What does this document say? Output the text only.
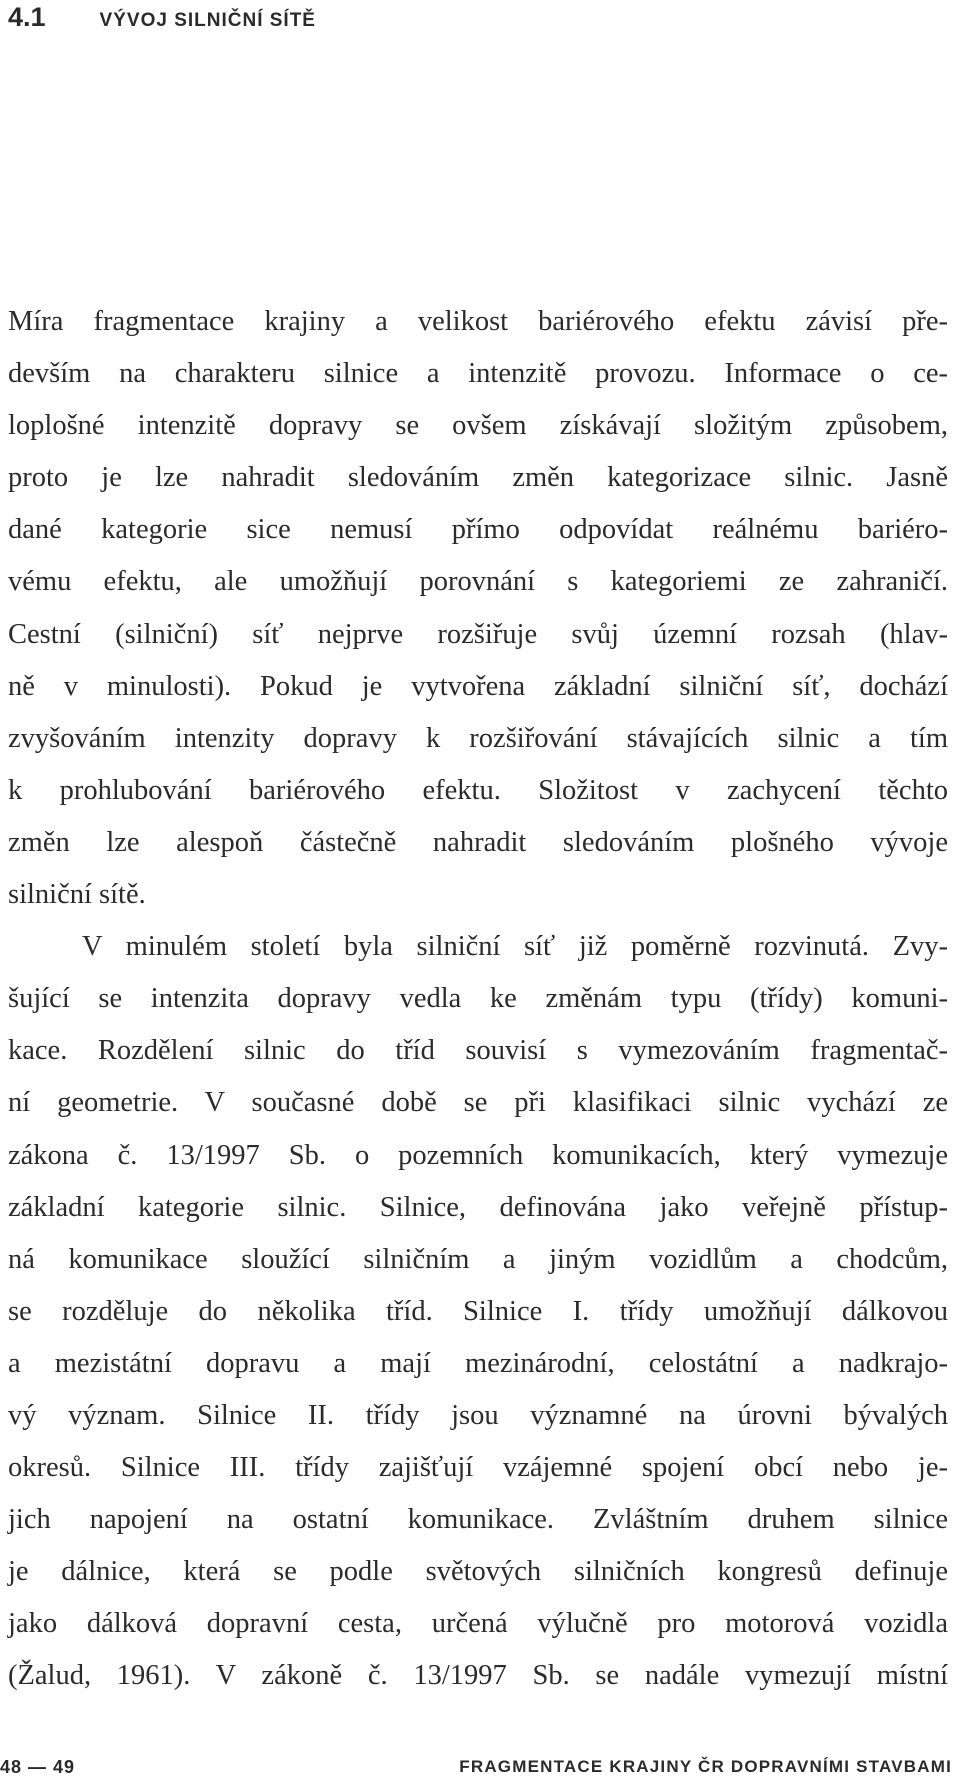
4.1	VÝVOJ SILNIČNÍ SÍTĚ
Míra fragmentace krajiny a velikost bariérového efektu závisí pře-
devším na charakteru silnice a intenzitě provozu. Informace o ce-
loplošné intenzitě dopravy se ovšem získávají složitým způsobem,
proto je lze nahradit sledováním změn kategorizace silnic. Jasně
dané kategorie sice nemusí přímo odpovídat reálnému bariéro-
vému efektu, ale umožňují porovnání s kategoriemi ze zahraničí.
Cestní (silniční) síť nejprve rozšiřuje svůj územní rozsah (hlav-
ně v minulosti). Pokud je vytvořena základní silniční síť, dochází
zvyšováním intenzity dopravy k rozšiřování stávajících silnic a tím
k prohlubování bariérového efektu. Složitost v zachycení těchto
změn lze alespoň částečně nahradit sledováním plošného vývoje
silniční sítě.
V minulém století byla silniční síť již poměrně rozvinutá. Zvy-
šující se intenzita dopravy vedla ke změnám typu (třídy) komuni-
kace. Rozdělení silnic do tříd souvisí s vymezováním fragmentač-
ní geometrie. V současné době se při klasifikaci silnic vychází ze
zákona č. 13/1997 Sb. o pozemních komunikacích, který vymezuje
základní kategorie silnic. Silnice, definována jako veřejně přístup-
ná komunikace sloužící silničním a jiným vozidlům a chodcům,
se rozděluje do několika tříd. Silnice I. třídy umožňují dálkovou
a mezistátní dopravu a mají mezinárodní, celostátní a nadkrajo-
vý význam. Silnice II. třídy jsou významné na úrovni bývalých
okresů. Silnice III. třídy zajišťují vzájemné spojení obcí nebo je-
jich napojení na ostatní komunikace. Zvláštním druhem silnice
je dálnice, která se podle světových silničních kongresů definuje
jako dálková dopravní cesta, určená výlučně pro motorová vozidla
(Žalud, 1961). V zákoně č. 13/1997 Sb. se nadále vymezují místní
48 — 49	FRAGMENTACE KRAJINY ČR DOPRAVNÍMI STAVBAMI
